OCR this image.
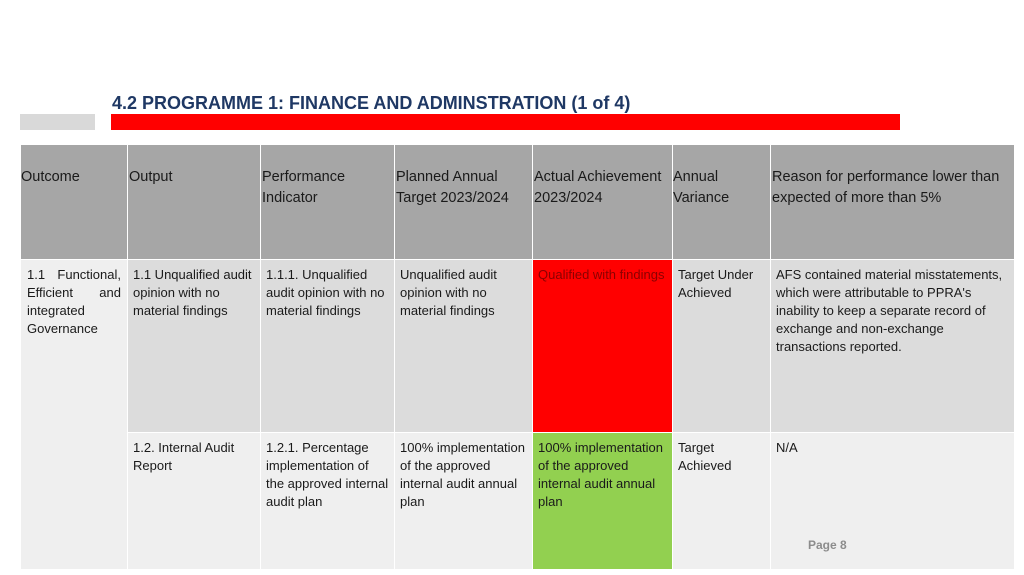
4.2 PROGRAMME 1: FINANCE AND ADMINSTRATION (1 of 4)
Outcome	Output	Performance Indicator	Planned Annual Target 2023/2024	Actual Achievement 2023/2024	Annual Variance	Reason for performance lower than expected of more than 5%
1.1 Functional, Efficient and integrated Governance	1.1 Unqualified audit opinion with no material findings	1.1.1. Unqualified audit opinion with no material findings	Unqualified audit opinion with no material findings	Qualified with findings	Target Under Achieved	AFS contained material misstatements, which were attributable to PPRA's inability to keep a separate record of exchange and non-exchange transactions reported.
	1.2. Internal Audit Report	1.2.1. Percentage implementation of the approved internal audit plan	100% implementation of the approved internal audit annual plan	100% implementation of the approved internal audit annual plan	Target Achieved	N/A
Page 8
